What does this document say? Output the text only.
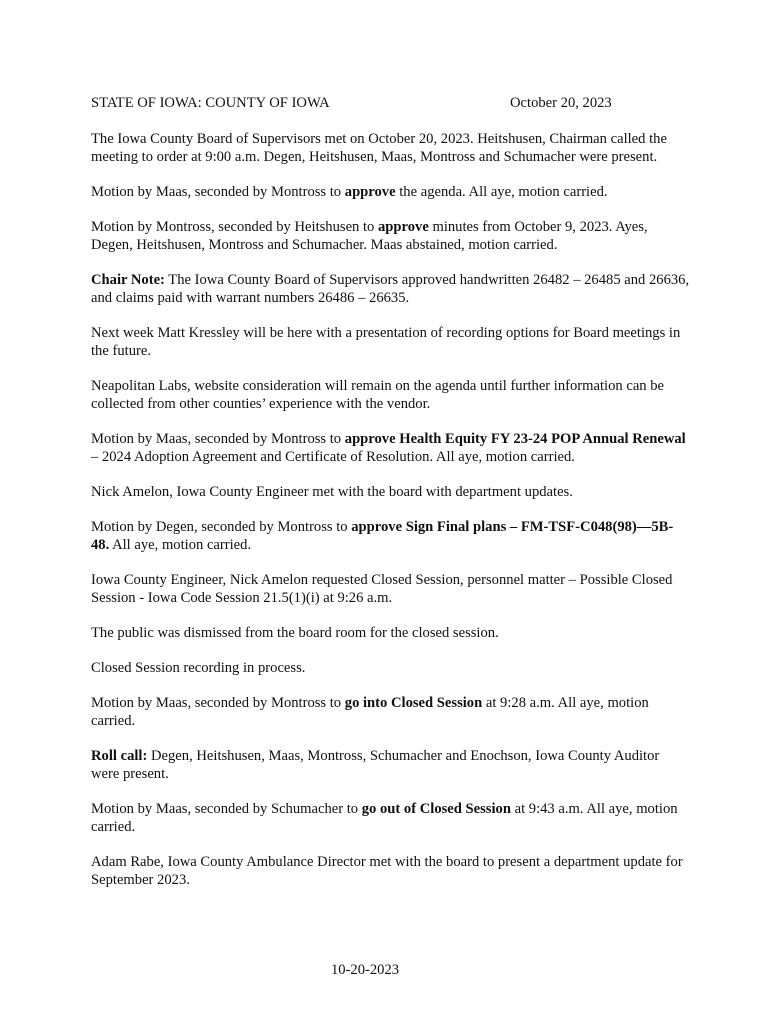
STATE OF IOWA: COUNTY OF IOWA	October 20, 2023

The Iowa County Board of Supervisors met on October 20, 2023. Heitshusen, Chairman called the meeting to order at 9:00 a.m. Degen, Heitshusen, Maas, Montross and Schumacher were present.

Motion by Maas, seconded by Montross to approve the agenda. All aye, motion carried.

Motion by Montross, seconded by Heitshusen to approve minutes from October 9, 2023. Ayes, Degen, Heitshusen, Montross and Schumacher. Maas abstained, motion carried.

Chair Note: The Iowa County Board of Supervisors approved handwritten 26482 – 26485 and 26636, and claims paid with warrant numbers 26486 – 26635.

Next week Matt Kressley will be here with a presentation of recording options for Board meetings in the future.

Neapolitan Labs, website consideration will remain on the agenda until further information can be collected from other counties’ experience with the vendor.

Motion by Maas, seconded by Montross to approve Health Equity FY 23-24 POP Annual Renewal – 2024 Adoption Agreement and Certificate of Resolution. All aye, motion carried.

Nick Amelon, Iowa County Engineer met with the board with department updates.

Motion by Degen, seconded by Montross to approve Sign Final plans – FM-TSF-C048(98)—5B-48. All aye, motion carried.

Iowa County Engineer, Nick Amelon requested Closed Session, personnel matter – Possible Closed Session - Iowa Code Session 21.5(1)(i) at 9:26 a.m.

The public was dismissed from the board room for the closed session.

Closed Session recording in process.

Motion by Maas, seconded by Montross to go into Closed Session at 9:28 a.m. All aye, motion carried.

Roll call: Degen, Heitshusen, Maas, Montross, Schumacher and Enochson, Iowa County Auditor were present.

Motion by Maas, seconded by Schumacher to go out of Closed Session at 9:43 a.m. All aye, motion carried.

Adam Rabe, Iowa County Ambulance Director met with the board to present a department update for September 2023.

10-20-2023
